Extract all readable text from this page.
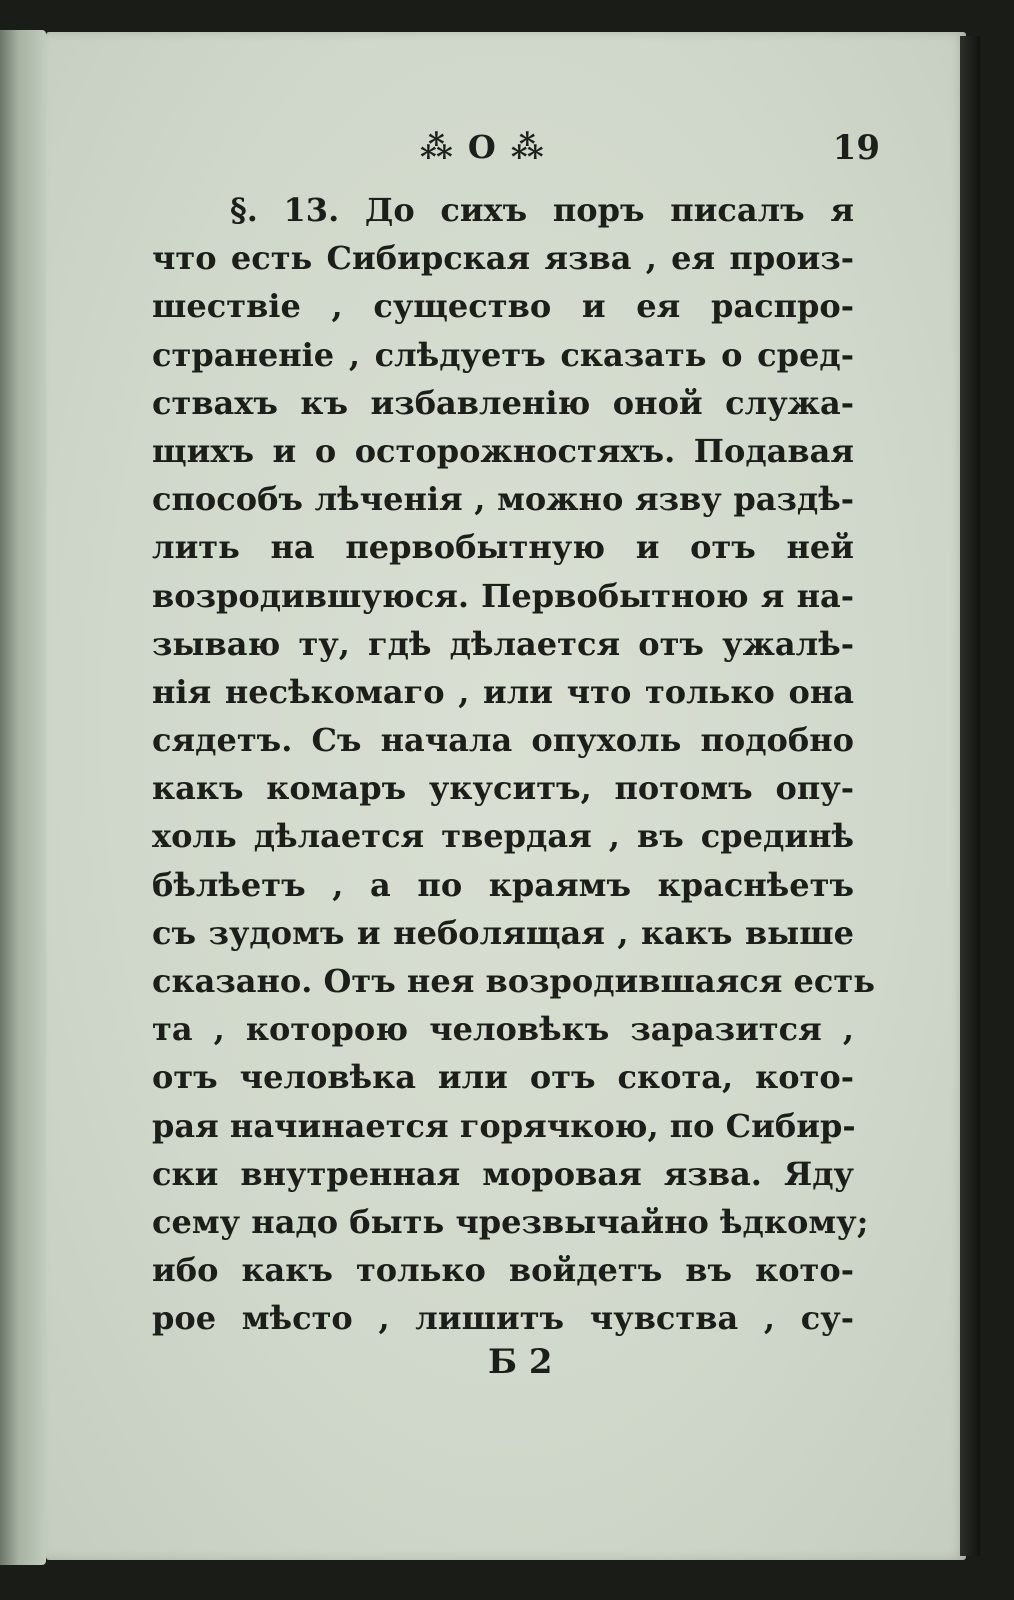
⁂ O ⁂	19
§. 13. До сихъ поръ писалъ я
что есть Сибирская язва , ея произ-
шествіе , существо и ея распро-
страненіе , слѣдуетъ сказать о сред-
ствахъ къ избавленію оной служа-
щихъ и о осторожностяхъ. Подавая
способъ лѣченія , можно язву раздѣ-
лить на первобытную и отъ ней
возродившуюся. Первобытною я на-
зываю ту, гдѣ дѣлается отъ ужалѣ-
нія несѣкомаго , или что только она
сядетъ. Съ начала опухоль подобно
какъ комаръ укуситъ, потомъ опу-
холь дѣлается твердая , въ срединѣ
бѣлѣетъ , а по краямъ краснѣетъ
съ зудомъ и неболящая , какъ выше
сказано. Отъ нея возродившаяся есть
та , которою человѣкъ заразится ,
отъ человѣка или отъ скота, кото-
рая начинается горячкою, по Сибир-
ски внутренная моровая язва. Яду
сему надо быть чрезвычайно ѣдкому;
ибо какъ только войдетъ въ кото-
рое мѣсто , лишитъ чувства , су-
Б 2
